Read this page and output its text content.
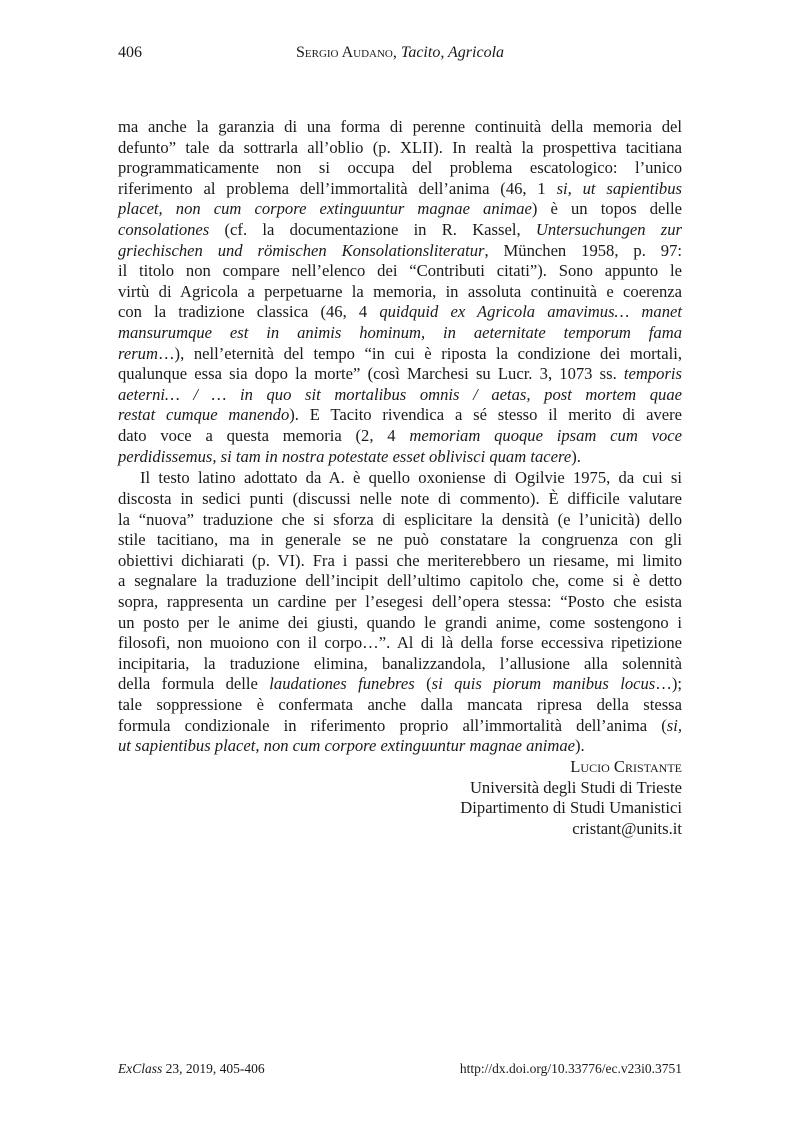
406	Sergio Audano, Tacito, Agricola
ma anche la garanzia di una forma di perenne continuità della memoria del
defunto” tale da sottrarla all’oblio (p. XLII). In realtà la prospettiva tacitiana
programmaticamente non si occupa del problema escatologico: l’unico
riferimento al problema dell’immortalità dell’anima (46, 1 si, ut sapientibus
placet, non cum corpore extinguuntur magnae animae) è un topos delle
consolationes (cf. la documentazione in R. Kassel, Untersuchungen zur
griechischen und römischen Konsolationsliteratur, München 1958, p. 97:
il titolo non compare nell’elenco dei “Contributi citati”). Sono appunto le
virtù di Agricola a perpetuarne la memoria, in assoluta continuità e coerenza
con la tradizione classica (46, 4 quidquid ex Agricola amavimus… manet
mansurumque est in animis hominum, in aeternitate temporum fama
rerum…), nell’eternità del tempo “in cui è riposta la condizione dei mortali,
qualunque essa sia dopo la morte” (così Marchesi su Lucr. 3, 1073 ss. temporis
aeterni… / … in quo sit mortalibus omnis / aetas, post mortem quae
restat cumque manendo). E Tacito rivendica a sé stesso il merito di avere
dato voce a questa memoria (2, 4 memoriam quoque ipsam cum voce
perdidissemus, si tam in nostra potestate esset oblivisci quam tacere).
Il testo latino adottato da A. è quello oxoniense di Ogilvie 1975, da cui si
discosta in sedici punti (discussi nelle note di commento). È difficile valutare
la “nuova” traduzione che si sforza di esplicitare la densità (e l’unicità) dello
stile tacitiano, ma in generale se ne può constatare la congruenza con gli
obiettivi dichiarati (p. VI). Fra i passi che meriterebbero un riesame, mi limito
a segnalare la traduzione dell’incipit dell’ultimo capitolo che, come si è detto
sopra, rappresenta un cardine per l’esegesi dell’opera stessa: “Posto che esista
un posto per le anime dei giusti, quando le grandi anime, come sostengono i
filosofi, non muoiono con il corpo…”. Al di là della forse eccessiva ripetizione
incipitaria, la traduzione elimina, banalizzandola, l’allusione alla solennità
della formula delle laudationes funebres (si quis piorum manibus locus…);
tale soppressione è confermata anche dalla mancata ripresa della stessa
formula condizionale in riferimento proprio all’immortalità dell’anima (si,
ut sapientibus placet, non cum corpore extinguuntur magnae animae).
Lucio Cristante
Università degli Studi di Trieste
Dipartimento di Studi Umanistici
cristant@units.it
ExClass 23, 2019, 405-406	http://dx.doi.org/10.33776/ec.v23i0.3751
